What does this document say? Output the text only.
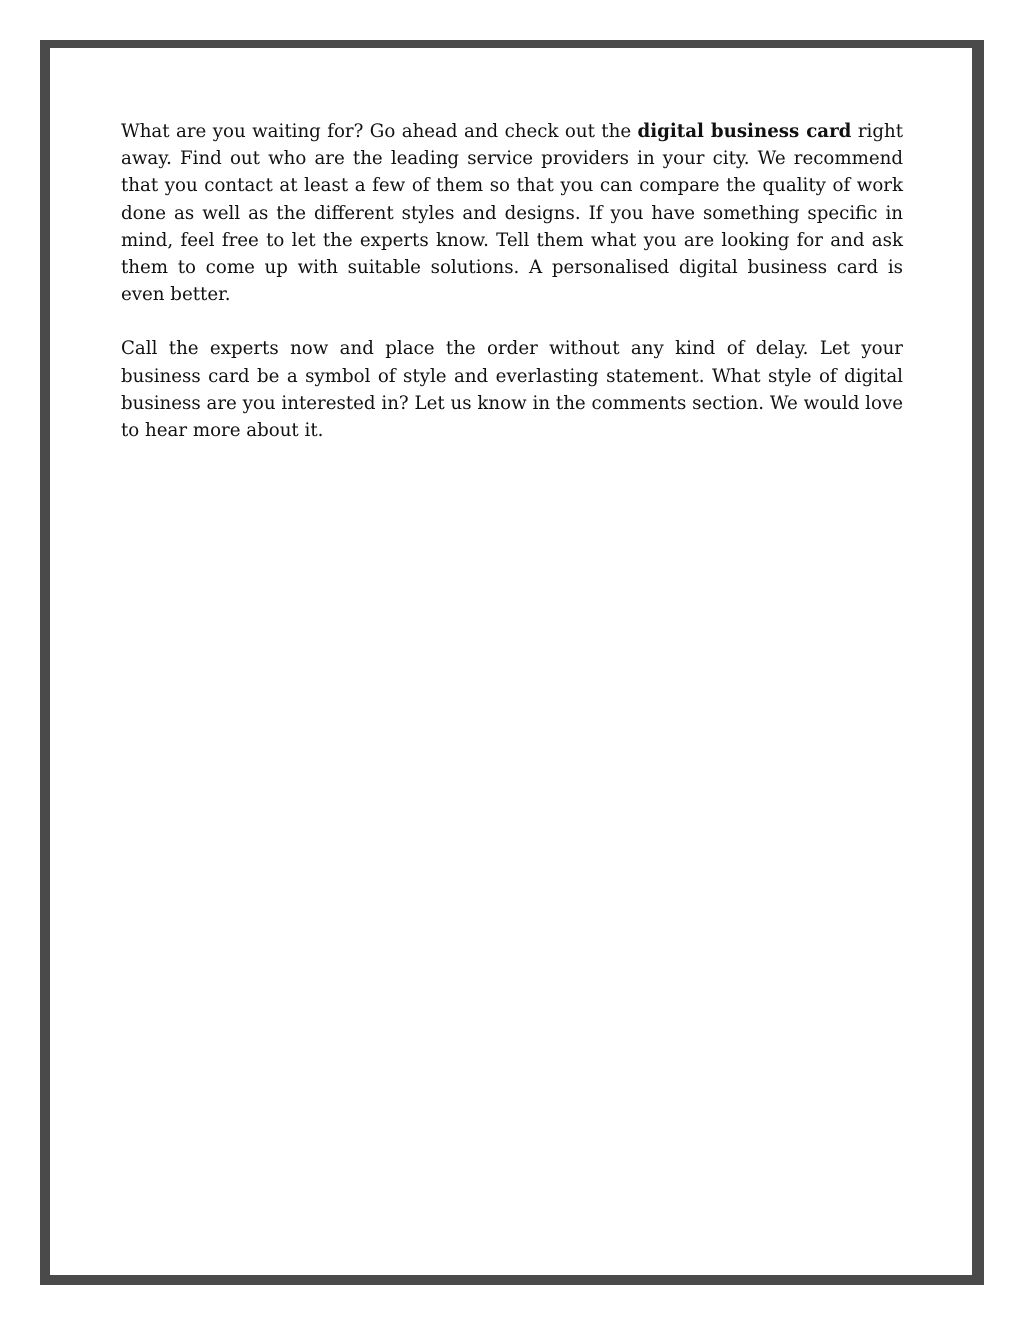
What are you waiting for? Go ahead and check out the digital business card right away. Find out who are the leading service providers in your city. We recommend that you contact at least a few of them so that you can compare the quality of work done as well as the different styles and designs. If you have something specific in mind, feel free to let the experts know. Tell them what you are looking for and ask them to come up with suitable solutions. A personalised digital business card is even better.

Call the experts now and place the order without any kind of delay. Let your business card be a symbol of style and everlasting statement. What style of digital business are you interested in? Let us know in the comments section. We would love to hear more about it.
